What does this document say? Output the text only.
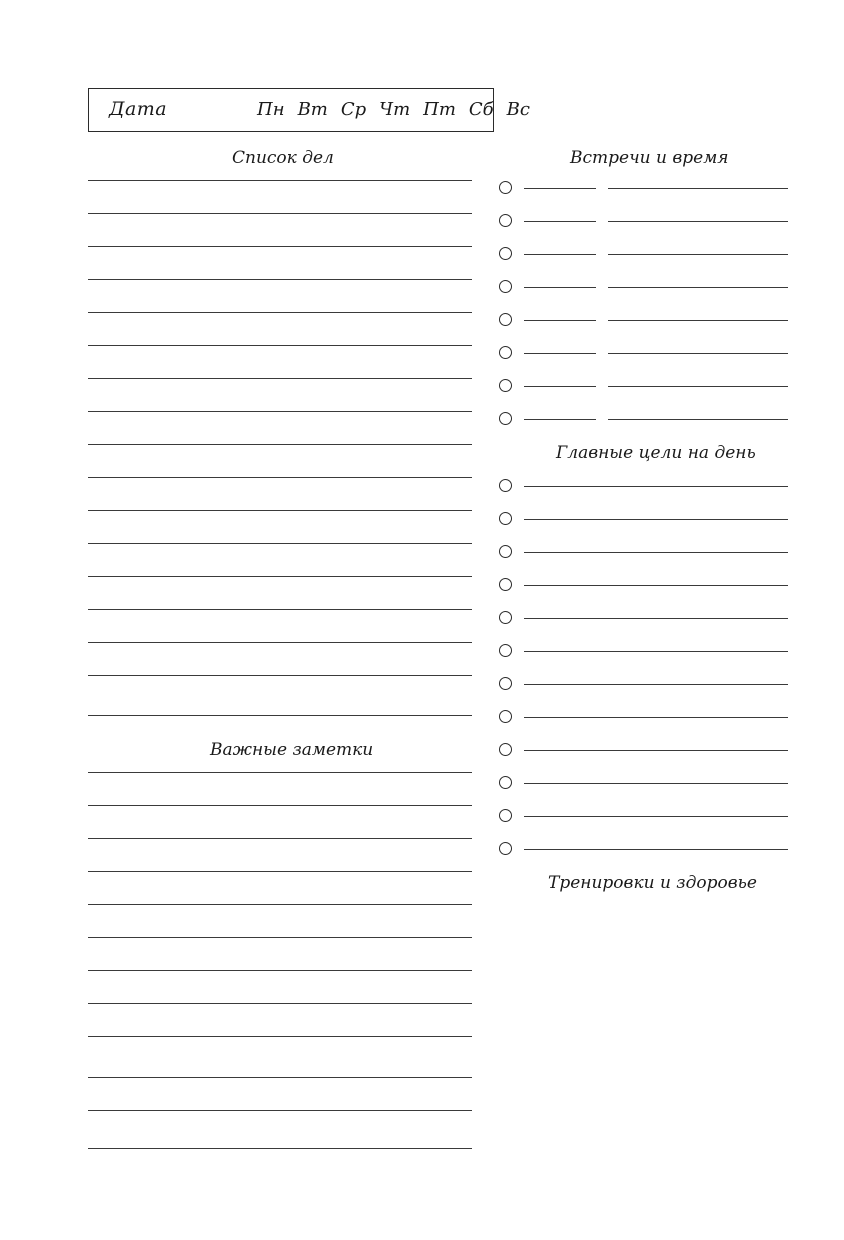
Дата	Пн Вт Ср Чт Пт Сб Вс
Список дел	Встречи и время
Главные цели на день
Важные заметки
Тренировки и здоровье
